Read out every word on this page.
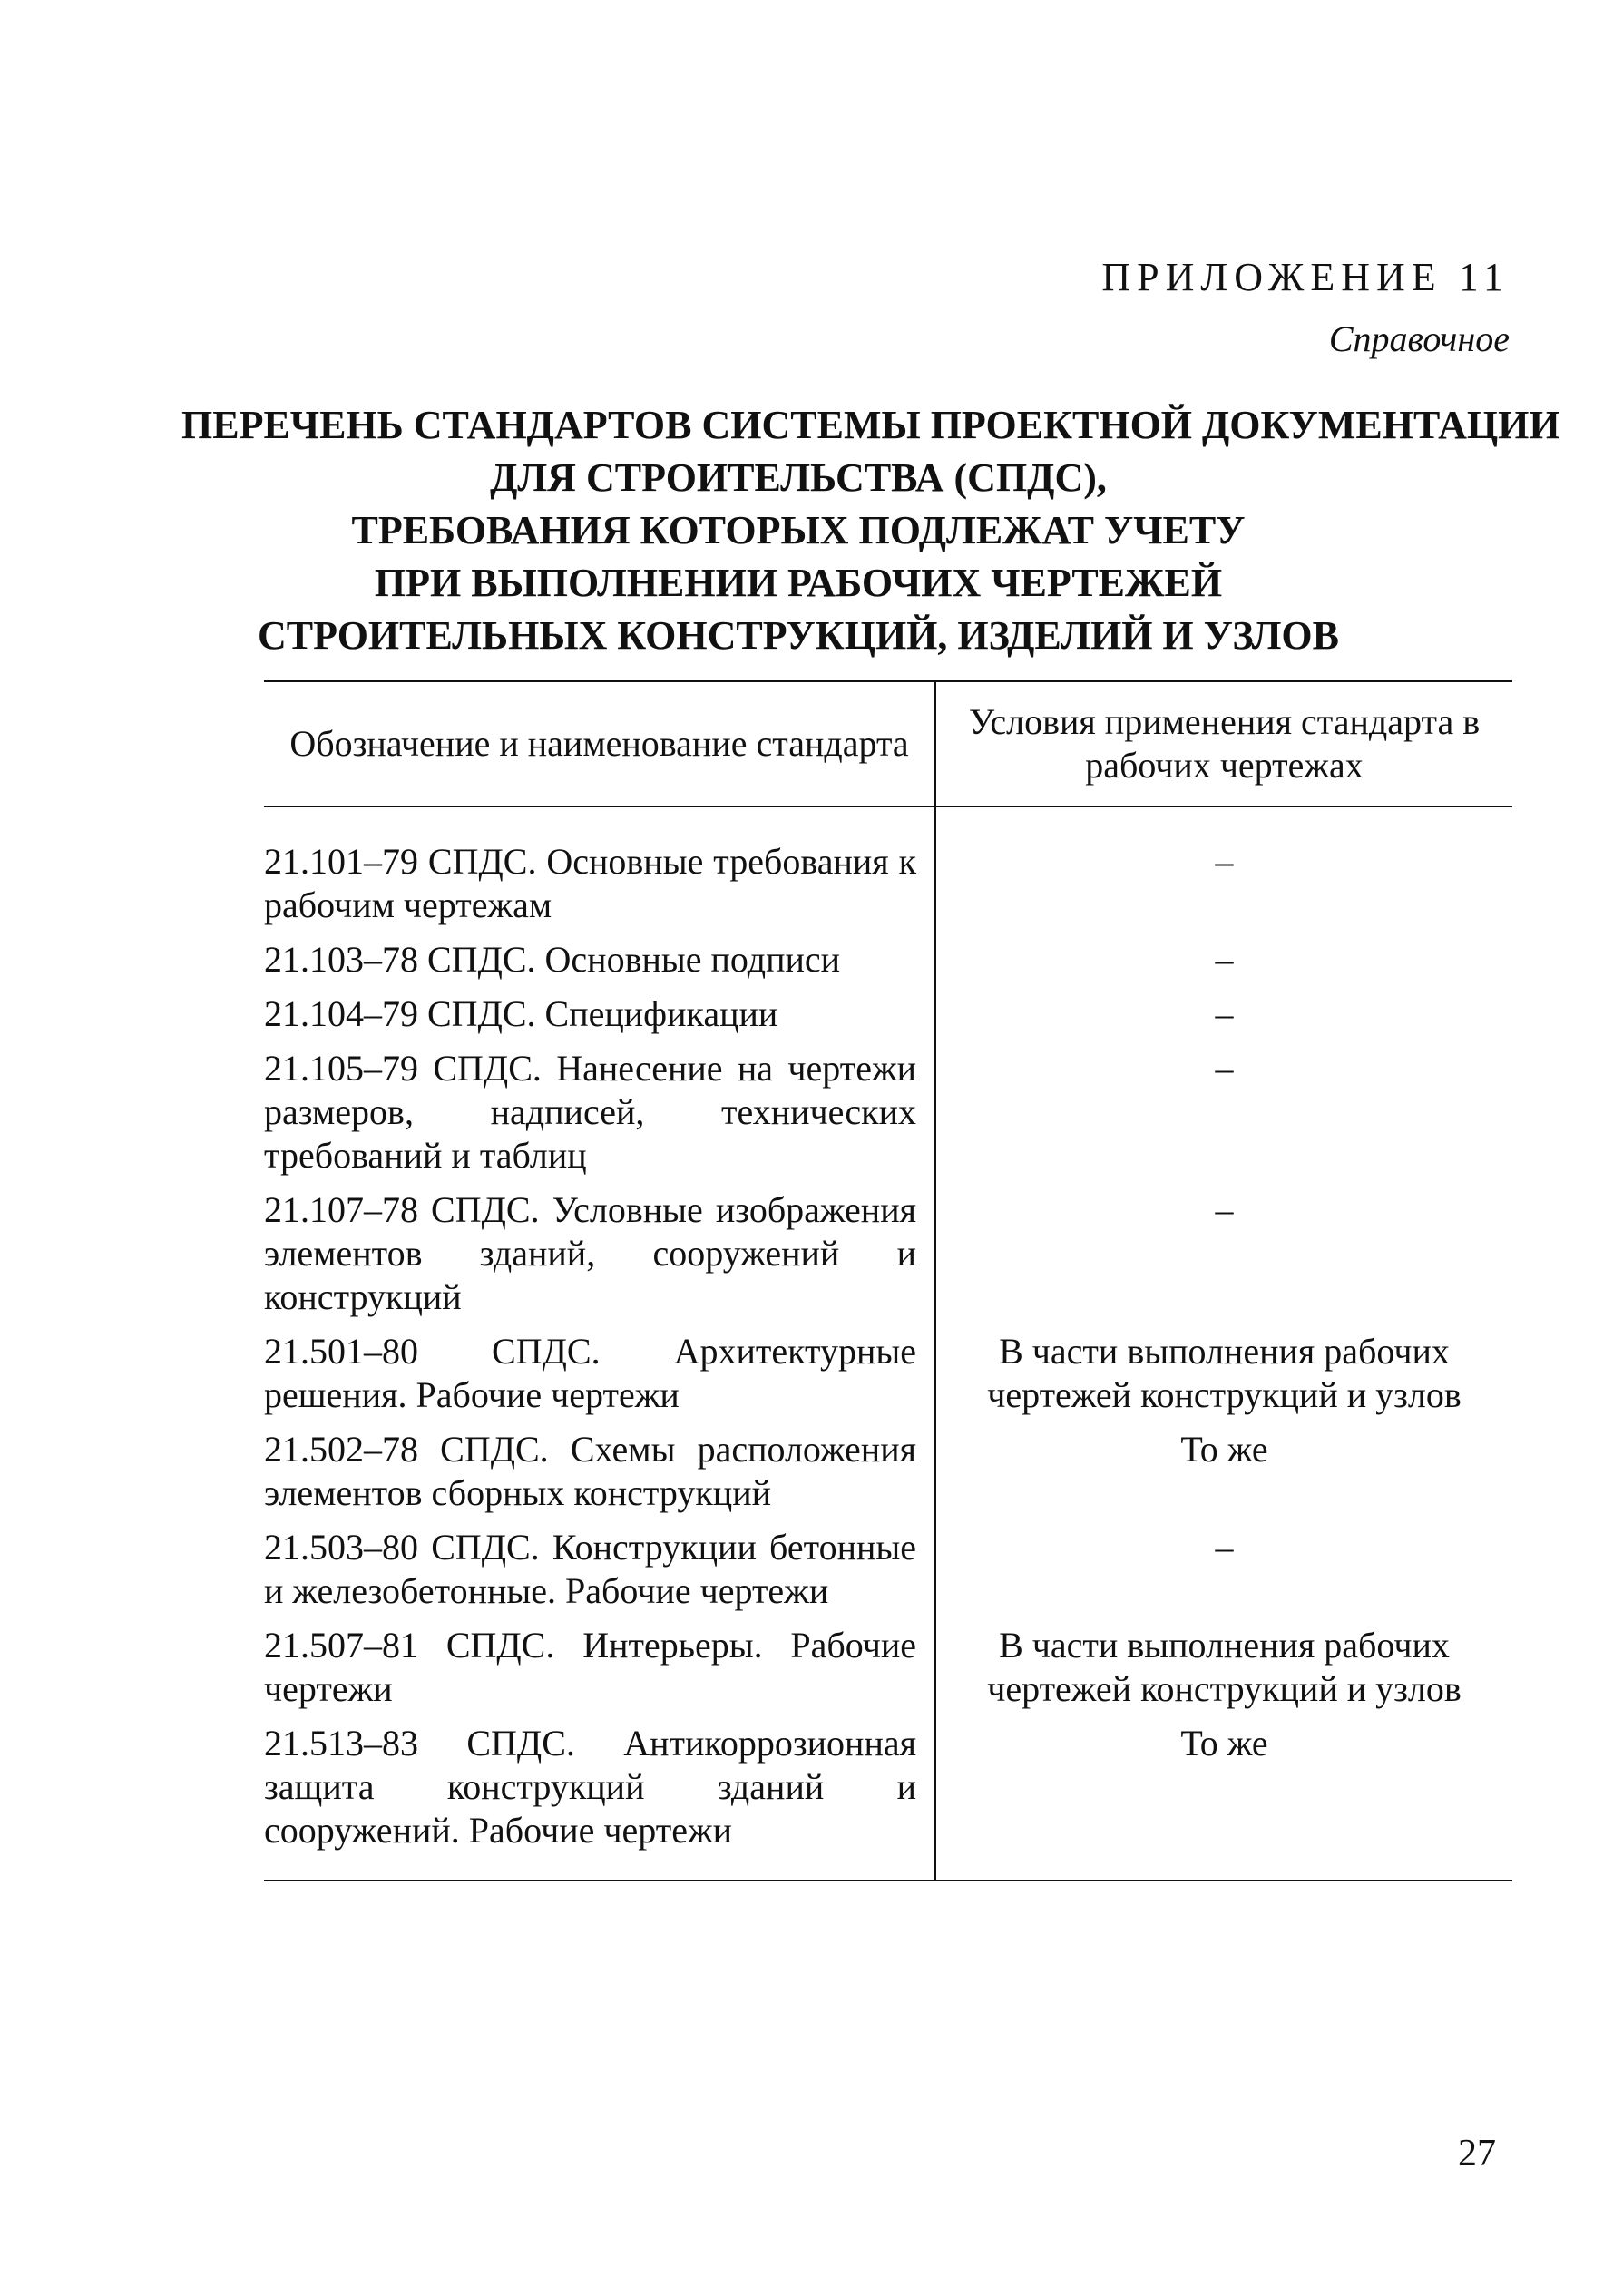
ПРИЛОЖЕНИЕ 11
Справочное
ПЕРЕЧЕНЬ СТАНДАРТОВ СИСТЕМЫ ПРОЕКТНОЙ ДОКУМЕНТАЦИИ
ДЛЯ СТРОИТЕЛЬСТВА (СПДС),
ТРЕБОВАНИЯ КОТОРЫХ ПОДЛЕЖАТ УЧЕТУ
ПРИ ВЫПОЛНЕНИИ РАБОЧИХ ЧЕРТЕЖЕЙ
СТРОИТЕЛЬНЫХ КОНСТРУКЦИЙ, ИЗДЕЛИЙ И УЗЛОВ
Обозначение и наименование стандарта	Условия применения стандарта в рабочих чертежах
21.101–79 СПДС. Основные требования к рабочим чертежам	–
21.103–78 СПДС. Основные подписи	–
21.104–79 СПДС. Спецификации	–
21.105–79 СПДС. Нанесение на чертежи размеров, надписей, технических требований и таблиц	–
21.107–78 СПДС. Условные изображения элементов зданий, сооружений и конструкций	–
21.501–80 СПДС. Архитектурные решения. Рабочие чертежи	В части выполнения рабочих чертежей конструкций и узлов
21.502–78 СПДС. Схемы расположения элементов сборных конструкций	То же
21.503–80 СПДС. Конструкции бетонные и железобетонные. Рабочие чертежи	–
21.507–81 СПДС. Интерьеры. Рабочие чертежи	В части выполнения рабочих чертежей конструкций и узлов
21.513–83 СПДС. Антикоррозионная защита конструкций зданий и сооружений. Рабочие чертежи	То же
27
